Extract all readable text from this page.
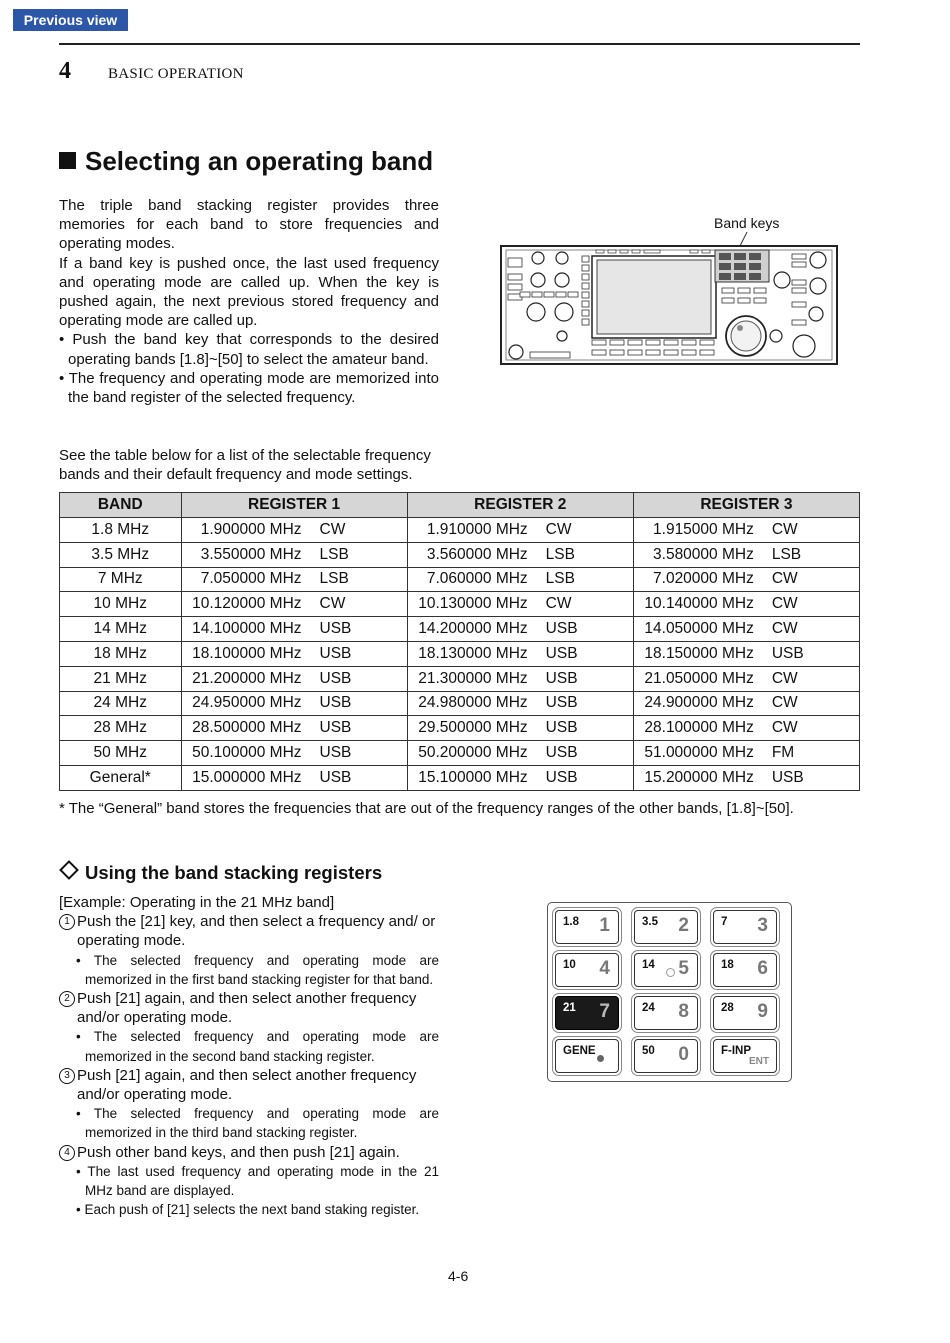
Previous view
4 BASIC OPERATION
Selecting an operating band

The triple band stacking register provides three memories for each band to store frequencies and operating modes.

If a band key is pushed once, the last used frequency and operating mode are called up. When the key is pushed again, the next previous stored frequency and operating mode are called up.

• Push the band key that corresponds to the desired operating bands [1.8]~[50] to select the amateur band.

• The frequency and operating mode are memorized into the band register of the selected frequency.

Band keys
See the table below for a list of the selectable frequency bands and their default frequency and mode settings.
BAND	REGISTER 1	REGISTER 2	REGISTER 3
1.8 MHz	1.900000 MHz CW	1.910000 MHz CW	1.915000 MHz CW
3.5 MHz	3.550000 MHz LSB	3.560000 MHz LSB	3.580000 MHz LSB
7 MHz	7.050000 MHz LSB	7.060000 MHz LSB	7.020000 MHz CW
10 MHz	10.120000 MHz CW	10.130000 MHz CW	10.140000 MHz CW
14 MHz	14.100000 MHz USB	14.200000 MHz USB	14.050000 MHz CW
18 MHz	18.100000 MHz USB	18.130000 MHz USB	18.150000 MHz USB
21 MHz	21.200000 MHz USB	21.300000 MHz USB	21.050000 MHz CW
24 MHz	24.950000 MHz USB	24.980000 MHz USB	24.900000 MHz CW
28 MHz	28.500000 MHz USB	29.500000 MHz USB	28.100000 MHz CW
50 MHz	50.100000 MHz USB	50.200000 MHz USB	51.000000 MHz FM
General*	15.000000 MHz USB	15.100000 MHz USB	15.200000 MHz USB
* The “General” band stores the frequencies that are out of the frequency ranges of the other bands, [1.8]~[50].
Using the band stacking registers

[Example: Operating in the 21 MHz band]

1 Push the [21] key, and then select a frequency and/ or operating mode.

• The selected frequency and operating mode are memorized in the first band stacking register for that band.

2 Push [21] again, and then select another frequency and/or operating mode.

• The selected frequency and operating mode are memorized in the second band stacking register.

3 Push [21] again, and then select another frequency and/or operating mode.

• The selected frequency and operating mode are memorized in the third band stacking register.

4 Push other band keys, and then push [21] again.

• The last used frequency and operating mode in the 21 MHz band are displayed.

• Each push of [21] selects the next band staking register.

1.8 1	3.5 2	7 3
10 4	14 5	18 6
21 7	24 8	28 9
GENE	50 0	F-INP
ENT
4-6
